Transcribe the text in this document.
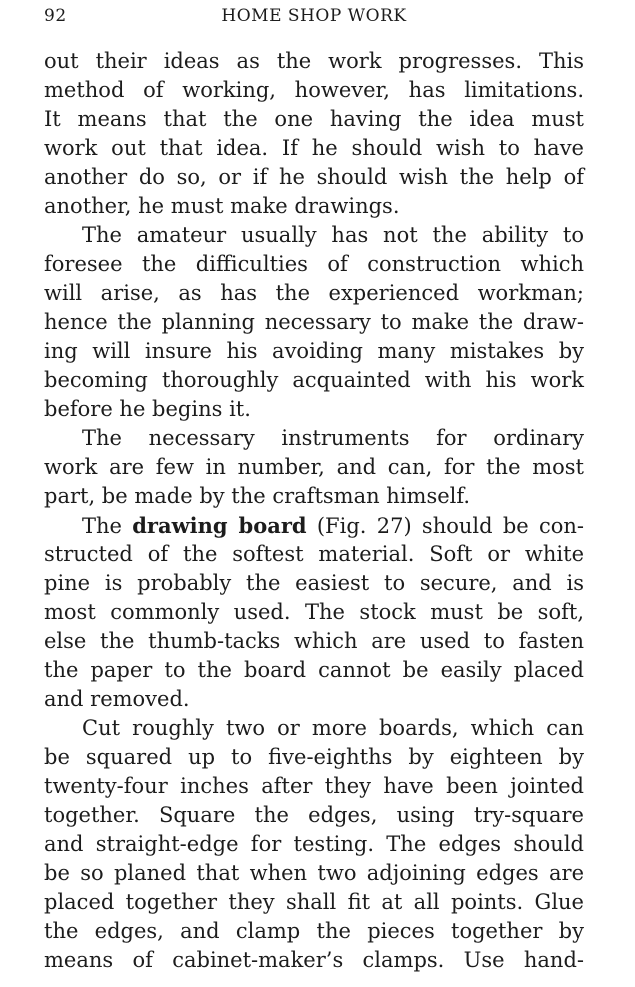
92	HOME SHOP WORK
out their ideas as the work progresses. This
method of working, however, has limitations.
It means that the one having the idea must
work out that idea. If he should wish to have
another do so, or if he should wish the help of
another, he must make drawings.
The amateur usually has not the ability to
foresee the difficulties of construction which
will arise, as has the experienced workman;
hence the planning necessary to make the draw-
ing will insure his avoiding many mistakes by
becoming thoroughly acquainted with his work
before he begins it.
The necessary instruments for ordinary
work are few in number, and can, for the most
part, be made by the craftsman himself.
The drawing board (Fig. 27) should be con-
structed of the softest material. Soft or white
pine is probably the easiest to secure, and is
most commonly used. The stock must be soft,
else the thumb-tacks which are used to fasten
the paper to the board cannot be easily placed
and removed.
Cut roughly two or more boards, which can
be squared up to five-eighths by eighteen by
twenty-four inches after they have been jointed
together. Square the edges, using try-square
and straight-edge for testing. The edges should
be so planed that when two adjoining edges are
placed together they shall fit at all points. Glue
the edges, and clamp the pieces together by
means of cabinet-maker’s clamps. Use hand-
